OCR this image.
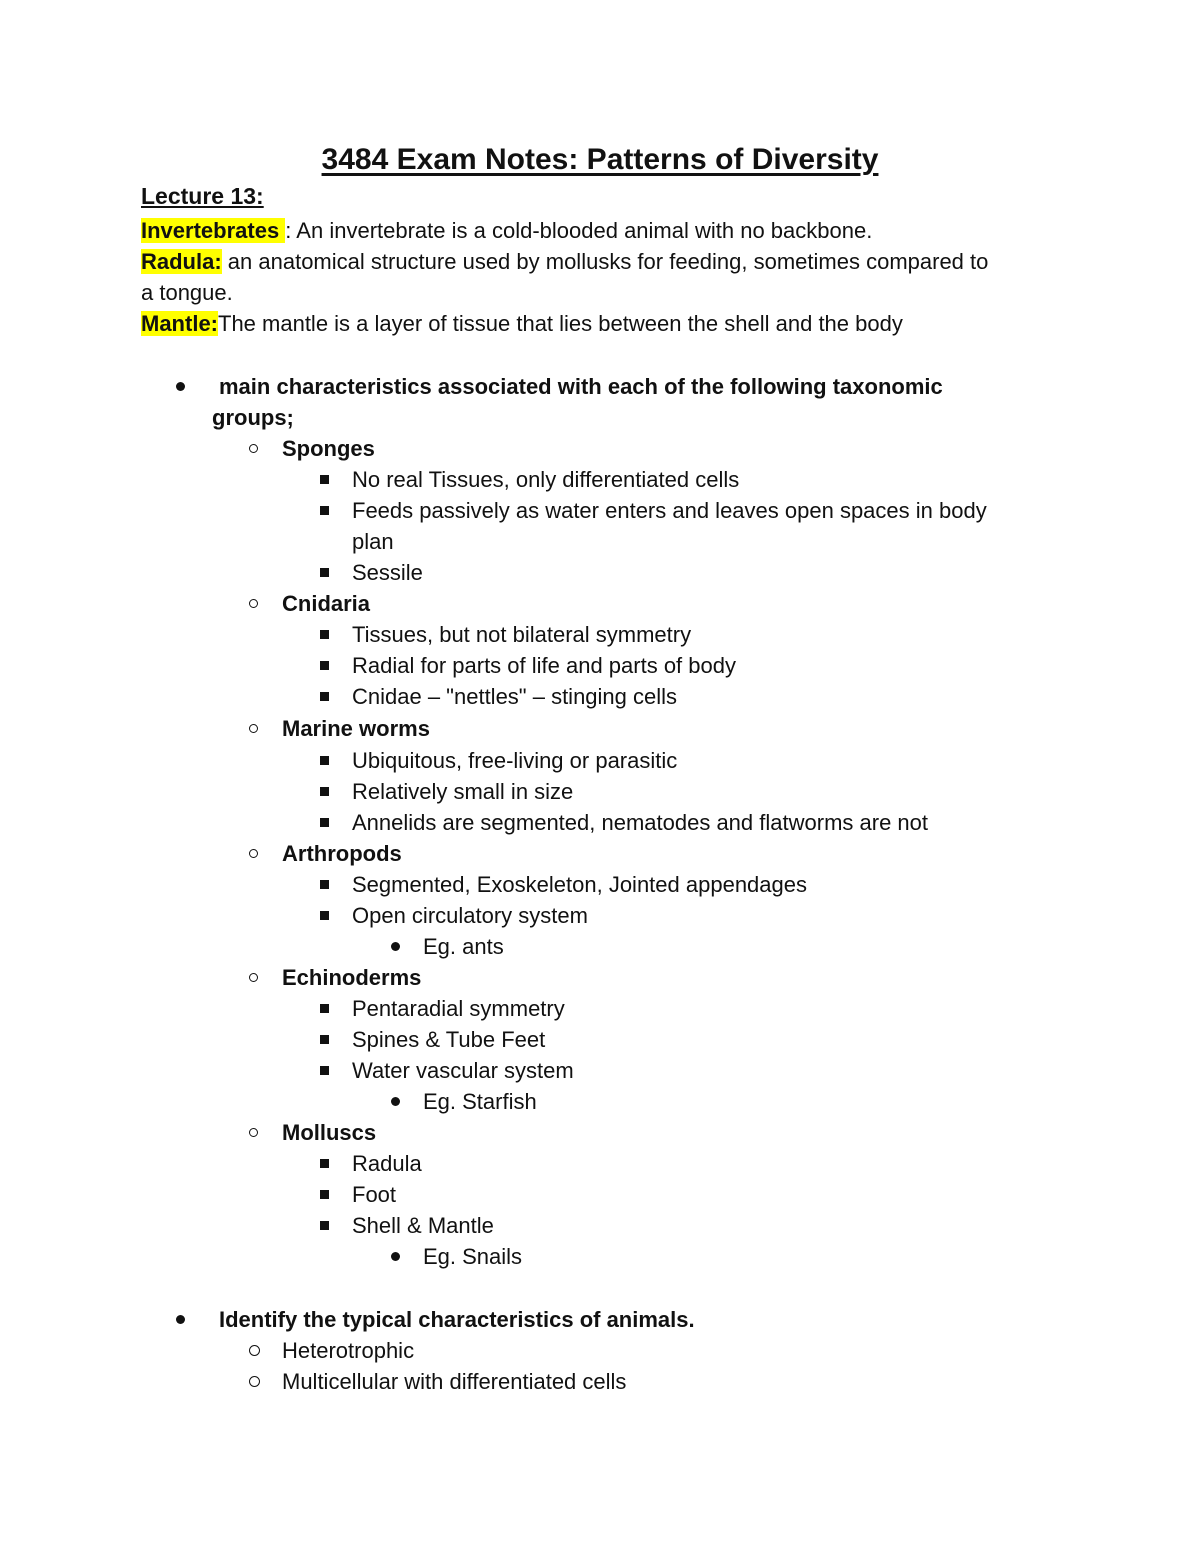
3484 Exam Notes: Patterns of Diversity
Lecture 13:
Invertebrates : An invertebrate is a cold-blooded animal with no backbone.
Radula: an anatomical structure used by mollusks for feeding, sometimes compared to
a tongue.
Mantle:The mantle is a layer of tissue that lies between the shell and the body
main characteristics associated with each of the following taxonomic
groups;
Sponges
No real Tissues, only differentiated cells
Feeds passively as water enters and leaves open spaces in body
plan
Sessile
Cnidaria
Tissues, but not bilateral symmetry
Radial for parts of life and parts of body
Cnidae – "nettles" – stinging cells
Marine worms
Ubiquitous, free-living or parasitic
Relatively small in size
Annelids are segmented, nematodes and flatworms are not
Arthropods
Segmented, Exoskeleton, Jointed appendages
Open circulatory system
Eg. ants
Echinoderms
Pentaradial symmetry
Spines & Tube Feet
Water vascular system
Eg. Starfish
Molluscs
Radula
Foot
Shell & Mantle
Eg. Snails
Identify the typical characteristics of animals.
Heterotrophic
Multicellular with differentiated cells
